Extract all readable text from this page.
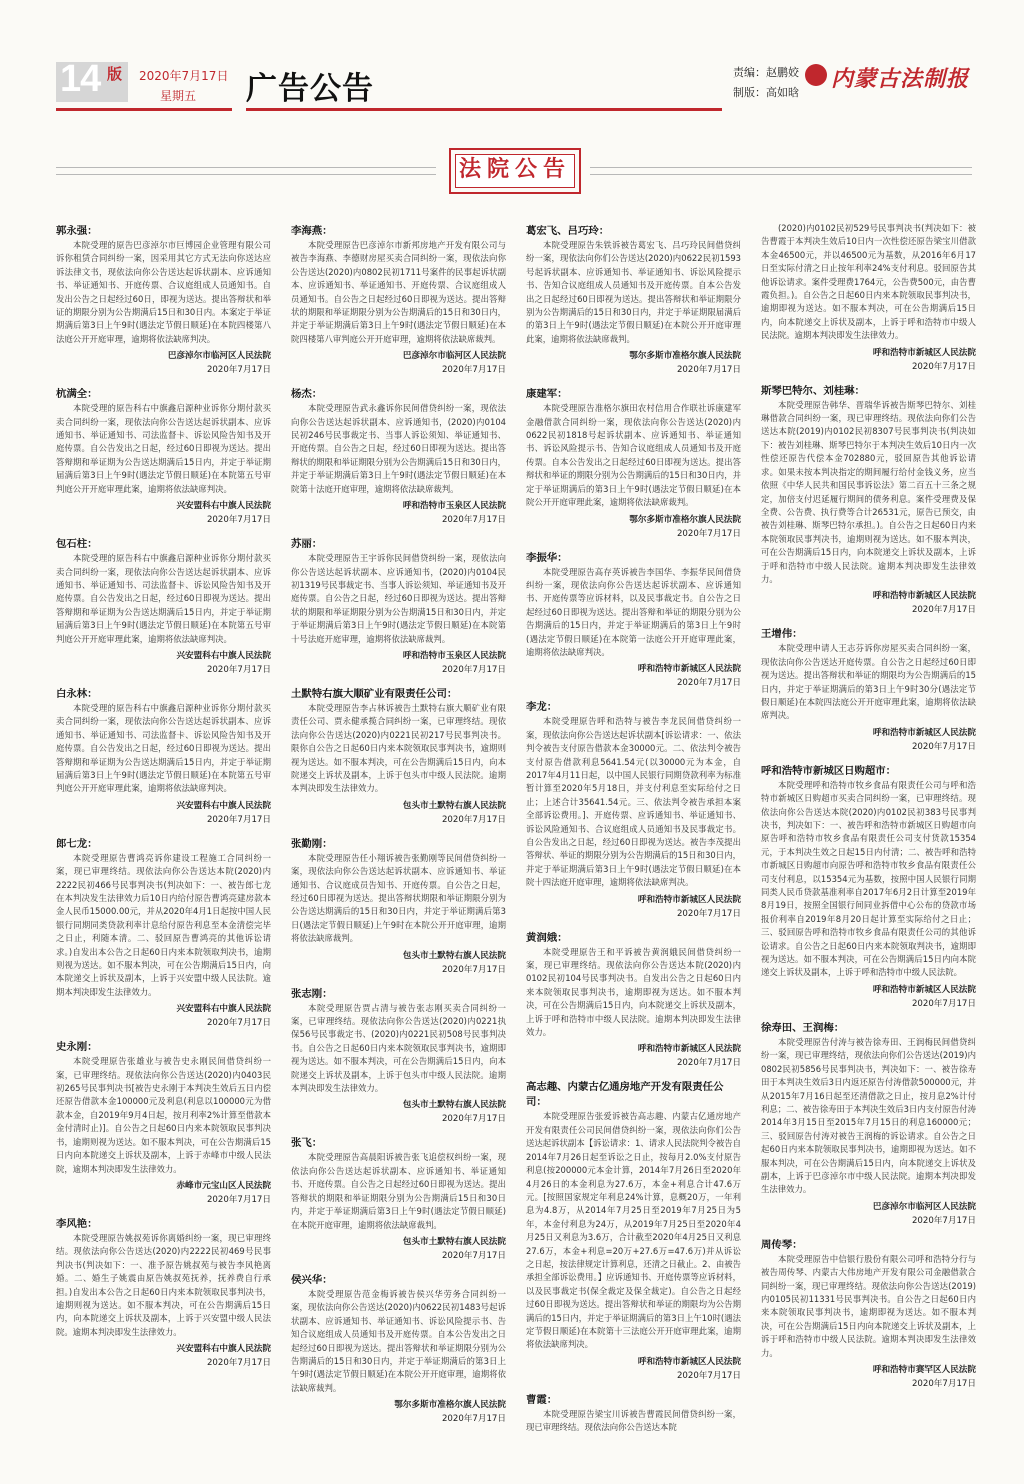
14 版 2020年7月17日
星期五 广告公告	责编：赵鹏姣
制版：高如晗
内蒙古法制报
法院公告

郭永强：

本院受理的原告巴彦淖尔市巨博园企业管理有限公司诉你租赁合同纠纷一案，因采用其它方式无法向你送达应诉法律文书，现依法向你公告送达起诉状副本、应诉通知书、举证通知书、开庭传票、合议庭组成人员通知书。自发出公告之日起经过60日，即视为送达。提出答辩状和举证的期限分别为公告期满后15日和30日内。本案定于举证期满后第3日上午9时(遇法定节假日顺延)在本院四楼第八法庭公开开庭审理，逾期将依法缺席判决。

巴彦淖尔市临河区人民法院

2020年7月17日

杭满全：

本院受理的原告科右中旗鑫启源种业诉你分期付款买卖合同纠纷一案，现依法向你公告送达起诉状副本、应诉通知书、举证通知书、司法监督卡、诉讼风险告知书及开庭传票。自公告发出之日起，经过60日即视为送达。提出答辩期和举证期为公告送达期满后15日内，并定于举证期届满后第3日上午9时(遇法定节假日顺延)在本院第五号审判庭公开开庭审理此案，逾期将依法缺席判决。

兴安盟科右中旗人民法院

2020年7月17日

包石柱：

本院受理的原告科右中旗鑫启源种业诉你分期付款买卖合同纠纷一案，现依法向你公告送达起诉状副本、应诉通知书、举证通知书、司法监督卡、诉讼风险告知书及开庭传票。自公告发出之日起，经过60日即视为送达。提出答辩期和举证期为公告送达期满后15日内，并定于举证期届满后第3日上午9时(遇法定节假日顺延)在本院第五号审判庭公开开庭审理此案，逾期将依法缺席判决。

兴安盟科右中旗人民法院

2020年7月17日

白永林：

本院受理的原告科右中旗鑫启源种业诉你分期付款买卖合同纠纷一案，现依法向你公告送达起诉状副本、应诉通知书、举证通知书、司法监督卡、诉讼风险告知书及开庭传票。自公告发出之日起，经过60日即视为送达。提出答辩期和举证期为公告送达期满后15日内，并定于举证期届满后第3日上午9时(遇法定节假日顺延)在本院第五号审判庭公开开庭审理此案，逾期将依法缺席判决。

兴安盟科右中旗人民法院

2020年7月17日

郎七龙：

本院受理原告曹鸿亮诉你建设工程施工合同纠纷一案，现已审理终结。现依法向你公告送达本院(2020)内2222民初466号民事判决书(判决如下：一、被告郎七龙在本判决发生法律效力后10日内给付原告曹鸿亮建房款本金人民币15000.00元，并从2020年4月1日起按中国人民银行同期同类贷款利率计息给付原告利息至本金清偿完毕之日止，利随本清。二、驳回原告曹鸿亮的其他诉讼请求。)自发出本公告之日起60日内来本院领取判决书，逾期则视为送达。如不服本判决，可在公告期满后15日内，向本院递交上诉状及副本，上诉于兴安盟中级人民法院。逾期本判决即发生法律效力。

兴安盟科右中旗人民法院

2020年7月17日

史永刚：

本院受理原告张雄业与被告史永刚民间借贷纠纷一案，已审理终结。现依法向你公告送达(2020)内0403民初265号民事判决书[被告史永刚于本判决生效后五日内偿还原告借款本金100000元及利息(利息以100000元为借款本金，自2019年9月4日起，按月利率2%计算至借款本金付清时止)]。自公告之日起60日内来本院领取民事判决书，逾期则视为送达。如不服本判决，可在公告期满后15日内向本院递交上诉状及副本，上诉于赤峰市中级人民法院，逾期本判决即发生法律效力。

赤峰市元宝山区人民法院

2020年7月17日

李风艳：

本院受理原告姚叔苑诉你离婚纠纷一案，现已审理终结。现依法向你公告送达(2020)内2222民初469号民事判决书(判决如下：一、准予原告姚叔苑与被告李风艳离婚。二、婚生子姚震由原告姚叔苑抚养，抚养费自行承担。)自发出本公告之日起60日内来本院领取民事判决书，逾期则视为送达。如不服本判决，可在公告期满后15日内，向本院递交上诉状及副本，上诉于兴安盟中级人民法院。逾期本判决即发生法律效力。

兴安盟科右中旗人民法院

2020年7月17日

李海燕：

本院受理原告巴彦淖尔市新邦房地产开发有限公司与被告李海燕、李德财房屋买卖合同纠纷一案，现依法向你公告送达(2020)内0802民初1711号案件的民事起诉状副本、应诉通知书、举证通知书、开庭传票、合议庭组成人员通知书。自公告之日起经过60日即视为送达。提出答辩状的期限和举证期限分别为公告期满后的15日和30日内，并定于举证期满后第3日上午9时(遇法定节假日顺延)在本院四楼第八审判庭公开开庭审理，逾期将依法缺席裁判。

巴彦淖尔市临河区人民法院

2020年7月17日

杨杰：

本院受理原告武永鑫诉你民间借贷纠纷一案，现依法向你公告送达起诉状副本、应诉通知书，(2020)内0104民初246号民事裁定书、当事人诉讼须知、举证通知书、开庭传票。自公告之日起，经过60日即视为送达。提出答辩状的期限和举证期限分别为公告期满后15日和30日内，并定于举证期满后第3日上午9时(遇法定节假日顺延)在本院第十法庭开庭审理，逾期将依法缺席裁判。

呼和浩特市玉泉区人民法院

2020年7月17日

苏丽：

本院受理原告王宇诉你民间借贷纠纷一案，现依法向你公告送达起诉状副本、应诉通知书，(2020)内0104民初1319号民事裁定书、当事人诉讼须知、举证通知书及开庭传票。自公告之日起，经过60日即视为送达。提出答辩状的期限和举证期限分别为公告期满15日和30日内，并定于举证期满后第3日上午9时(遇法定节假日顺延)在本院第十号法庭开庭审理，逾期将依法缺席裁判。

呼和浩特市玉泉区人民法院

2020年7月17日

土默特右旗大顺矿业有限责任公司：

本院受理原告李占林诉被告土默特右旗大顺矿业有限责任公司、贾永健承揽合同纠纷一案，已审理终结。现依法向你公告送达(2020)内0221民初217号民事判决书。限你自公告之日起60日内来本院领取民事判决书，逾期则视为送达。如不服本判决，可在公告期满后15日内，向本院递交上诉状及副本，上诉于包头市中级人民法院。逾期本判决即发生法律效力。

包头市土默特右旗人民法院

2020年7月17日

张勤刚：

本院受理原告任小翔诉被告张勤刚等民间借贷纠纷一案，现依法向你公告送达起诉状副本、应诉通知书、举证通知书、合议庭成员告知书、开庭传票。自公告之日起，经过60日即视为送达。提出答辩状期限和举证期限分别为公告送达期满后的15日和30日内，并定于举证期满后第3日(遇法定节假日顺延)上午9时在本院公开开庭审理，逾期将依法缺席裁判。

包头市土默特右旗人民法院

2020年7月17日

张志刚：

本院受理原告贾占清与被告张志刚买卖合同纠纷一案，已审理终结。现依法向你公告送达(2020)内0221执保56号民事裁定书、(2020)内0221民初508号民事判决书。自公告之日起60日内来本院领取民事判决书，逾期即视为送达。如不服本判决，可在公告期满后15日内，向本院递交上诉状及副本，上诉于包头市中级人民法院。逾期本判决即发生法律效力。

包头市土默特右旗人民法院

2020年7月17日

张飞：

本院受理原告高晨阳诉被告张飞追偿权纠纷一案，现依法向你公告送达起诉状副本、应诉通知书、举证通知书、开庭传票。自公告之日起经过60日即视为送达。提出答辩状的期限和举证期限分别为公告期满后15日和30日内，并定于举证期满后第3日上午9时(遇法定节假日顺延)在本院开庭审理，逾期将依法缺席裁判。

包头市土默特右旗人民法院

2020年7月17日

侯兴华：

本院受理原告范金梅诉被告侯兴华劳务合同纠纷一案，现依法向你公告送达(2020)内0622民初1483号起诉状副本、应诉通知书、举证通知书、诉讼风险提示书、告知合议庭组成人员通知书及开庭传票。自本公告发出之日起经过60日即视为送达。提出答辩状和举证期限分别为公告期满后的15日和30日内，并定于举证期满后的第3日上午9时(遇法定节假日顺延)在本院公开开庭审理，逾期将依法缺席裁判。

鄂尔多斯市准格尔旗人民法院

2020年7月17日

葛宏飞、吕巧玲：

本院受理原告朱铁诉被告葛宏飞、吕巧玲民间借贷纠纷一案，现依法向你们公告送达(2020)内0622民初1593号起诉状副本、应诉通知书、举证通知书、诉讼风险提示书、告知合议庭组成人员通知书及开庭传票。自本公告发出之日起经过60日即视为送达。提出答辩状和举证期限分别为公告期满后的15日和30日内，并定于举证期限届满后的第3日上午9时(遇法定节假日顺延)在本院公开开庭审理此案，逾期将依法缺席裁判。

鄂尔多斯市准格尔旗人民法院

2020年7月17日

康建军：

本院受理原告准格尔旗田农村信用合作联社诉康建军金融借款合同纠纷一案，现依法向你公告送达(2020)内0622民初1818号起诉状副本、应诉通知书、举证通知书、诉讼风险提示书、告知合议庭组成人员通知书及开庭传票。自本公告发出之日起经过60日即视为送达。提出答辩状和举证的期限分别为公告期满后的15日和30日内，并定于举证期满后的第3日上午9时(遇法定节假日顺延)在本院公开开庭审理此案，逾期将依法缺席裁判。

鄂尔多斯市准格尔旗人民法院

2020年7月17日

李振华：

本院受理原告高存英诉被告李国华、李振华民间借贷纠纷一案，现依法向你公告送达起诉状副本、应诉通知书、开庭传票等应诉材料，以及民事裁定书。自公告之日起经过60日即视为送达。提出答辩和举证的期限分别为公告期满后的15日内，并定于举证期满后的第3日上午9时(遇法定节假日顺延)在本院第一法庭公开开庭审理此案，逾期将依法缺席判决。

呼和浩特市新城区人民法院

2020年7月17日

李龙：

本院受理原告呼和浩特与被告李龙民间借贷纠纷一案，现依法向你公告送达起诉状副本[诉讼请求：一、依法判令被告支付原告借款本金30000元。二、依法判令被告支付原告借款利息5641.54元(以30000元为本金，自2017年4月11日起，以中国人民银行同期贷款利率为标准暂计算至2020年5月18日，并支付利息至实际给付之日止；上述合计35641.54元。三、依法判令被告承担本案全部诉讼费用。]、开庭传票、应诉通知书、举证通知书、诉讼风险通知书、合议庭组成人员通知书及民事裁定书。自公告发出之日起，经过60日即视为送达。被告李茂提出答辩状、举证的期限分别为公告期满后的15日和30日内，并定于举证期满后第3日上午9时(遇法定节假日顺延)在本院十四法庭开庭审理，逾期将依法缺席判决。

呼和浩特市新城区人民法院

2020年7月17日

黄润娥：

本院受理原告王和平诉被告黄润娥民间借贷纠纷一案，现已审理终结。现依法向你公告送达本院(2020)内0102民初104号民事判决书。自发出公告之日起60日内来本院领取民事判决书，逾期即视为送达。如不服本判决，可在公告期满后15日内，向本院递交上诉状及副本，上诉于呼和浩特市中级人民法院。逾期本判决即发生法律效力。

呼和浩特市新城区人民法院

2020年7月17日

高志趣、内蒙古亿通房地产开发有限责任公司：

本院受理原告张爱诉被告高志趣、内蒙古亿通房地产开发有限责任公司民间借贷纠纷一案，现依法向你们公告送达起诉状副本【诉讼请求：1、请求人民法院判令被告自2014年7月26日起至诉讼之日止，按每月2.0%支付原告利息(按200000元本金计算，2014年7月26日至2020年4月26日的本金利息为27.6万，本金+利息合计47.6万元。[按照国家规定年利息24%计算，息概20万，一年利息为4.8万，从2014年7月25日至2019年7月25日为5年，本金付利息为24万，从2019年7月25日至2020年4月25日又利息为3.6万，合计截至2020年4月25日又利息27.6万，本金+利息=20万+27.6万=47.6万)并从诉讼之日起，按法律规定计算利息，还清之日截止。2、由被告承担全部诉讼费用。】应诉通知书、开庭传票等应诉材料，以及民事裁定书(保全裁定及保全裁定)。自公告之日起经过60日即视为送达。提出答辩状和举证的期限均为公告期满后的15日内，并定于举证期满后的第3日上午10时(遇法定节假日顺延)在本院第十三法庭公开开庭审理此案，逾期将依法缺席判决。

呼和浩特市新城区人民法院

2020年7月17日

曹霞：

本院受理原告梁宝川诉被告曹霞民间借贷纠纷一案，现已审理终结。现依法向你公告送达本院

(2020)内0102民初529号民事判决书(判决如下：被告曹霞于本判决生效后10日内一次性偿还原告梁宝川借款本金46500元，并以46500元为基数，从2016年6月17日至实际付清之日止按年利率24%支付利息。驳回原告其他诉讼请求。案件受理费1764元，公告费500元，由告曹霞负担。)。自公告之日起60日内来本院领取民事判决书，逾期即视为送达。如不服本判决，可在公告期满后15日内，向本院递交上诉状及副本，上诉于呼和浩特市中级人民法院。逾期本判决即发生法律效力。

呼和浩特市新城区人民法院

2020年7月17日

斯琴巴特尔、刘桂琳：

本院受理原告韩华、晋瑞华诉被告斯琴巴特尔、刘桂琳借款合同纠纷一案，现已审理终结。现依法向你们公告送达本院(2019)内0102民初8307号民事判决书(判决如下：被告刘桂琳、斯琴巴特尔于本判决生效后10日内一次性偿还原告代偿本金702880元，驳回原告其他诉讼请求。如果未按本判决指定的期间履行给付金钱义务，应当依照《中华人民共和国民事诉讼法》第二百五十三条之规定，加倍支付迟延履行期间的债务利息。案件受理费及保全费、公告费、执行费等合计26531元，原告已预交，由被告刘桂琳、斯琴巴特尔承担。)。自公告之日起60日内来本院领取民事判决书，逾期则视为送达。如不服本判决，可在公告期满后15日内，向本院递交上诉状及副本，上诉于呼和浩特市中级人民法院。逾期本判决即发生法律效力。

呼和浩特市新城区人民法院

2020年7月17日

王增伟：

本院受理申请人王志芬诉你房屋买卖合同纠纷一案，现依法向你公告送达开庭传票。自公告之日起经过60日即视为送达。提出答辩状和举证的期限均为公告期满后的15日内，并定于举证期满后的第3日上午9时30分(遇法定节假日顺延)在本院四法庭公开开庭审理此案，逾期将依法缺席判决。

呼和浩特市新城区人民法院

2020年7月17日

呼和浩特市新城区日购超市：

本院受理呼和浩特市牧乡食品有限责任公司与呼和浩特市新城区日购超市买卖合同纠纷一案，已审理终结。现依法向你公告送达本院(2020)内0102民初383号民事判决书，判决如下：一、被告呼和浩特市新城区日购超市向原告呼和浩特市牧乡食品有限责任公司支付货款15354元，于本判决生效之日起15日内付清；二、被告呼和浩特市新城区日购超市向原告呼和浩特市牧乡食品有限责任公司支付利息，以15354元为基数，按照中国人民银行同期同类人民币贷款基准利率自2017年6月2日计算至2019年8月19日，按照全国银行间同业拆借中心公布的贷款市场报价利率自2019年8月20日起计算至实际给付之日止；三、驳回原告呼和浩特市牧乡食品有限责任公司的其他诉讼请求。自公告之日起60日内来本院领取判决书，逾期即视为送达。如不服本判决，可在公告期满后15日内向本院递交上诉状及副本，上诉于呼和浩特市中级人民法院。

呼和浩特市新城区人民法院

2020年7月17日

徐寿田、王润梅：

本院受理原告付涛与被告徐寿田、王润梅民间借贷纠纷一案，现已审理终结，现依法向你们公告送达(2019)内0802民初5856号民事判决书，判决如下：一、被告徐寿田于本判决生效后3日内返还原告付涛借款500000元，并从2015年7月16日起至还清借款之日止，按月息2%计付利息；二、被告徐寿田于本判决生效后3日内支付原告付涛2014年3月15日至2015年7月15日的利息160000元；三、驳回原告付涛对被告王润梅的诉讼请求。自公告之日起60日内来本院领取民事判决书，逾期即视为送达。如不服本判决，可在公告期满后15日内，向本院递交上诉状及副本，上诉于巴彦淖尔市中级人民法院。逾期本判决即发生法律效力。

巴彦淖尔市临河区人民法院

2020年7月17日

周传琴：

本院受理原告中信银行股份有限公司呼和浩特分行与被告周传琴、内蒙古大伟房地产开发有限公司金融借款合同纠纷一案，现已审理终结。现依法向你公告送达(2019)内0105民初11331号民事判决书。自公告之日起60日内来本院领取民事判决书，逾期即视为送达。如不服本判决，可在公告期满后15日内向本院递交上诉状及副本，上诉于呼和浩特市中级人民法院。逾期本判决即发生法律效力。

呼和浩特市赛罕区人民法院

2020年7月17日
